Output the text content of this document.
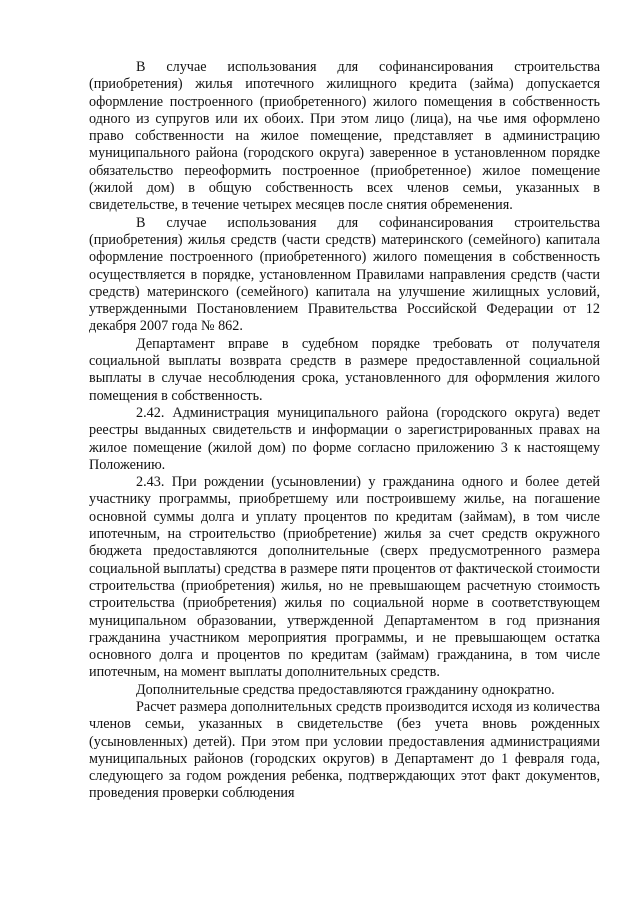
В случае использования для софинансирования строительства (приобретения) жилья ипотечного жилищного кредита (займа) допускается оформление построенного (приобретенного) жилого помещения в собственность одного из супругов или их обоих. При этом лицо (лица), на чье имя оформлено право собственности на жилое помещение, представляет в администрацию муниципального района (городского округа) заверенное в установленном порядке обязательство переоформить построенное (приобретенное) жилое помещение (жилой дом) в общую собственность всех членов семьи, указанных в свидетельстве, в течение четырех месяцев после снятия обременения.

В случае использования для софинансирования строительства (приобретения) жилья средств (части средств) материнского (семейного) капитала оформление построенного (приобретенного) жилого помещения в собственность осуществляется в порядке, установленном Правилами направления средств (части средств) материнского (семейного) капитала на улучшение жилищных условий, утвержденными Постановлением Правительства Российской Федерации от 12 декабря 2007 года № 862.

Департамент вправе в судебном порядке требовать от получателя социальной выплаты возврата средств в размере предоставленной социальной выплаты в случае несоблюдения срока, установленного для оформления жилого помещения в собственность.

2.42. Администрация муниципального района (городского округа) ведет реестры выданных свидетельств и информации о зарегистрированных правах на жилое помещение (жилой дом) по форме согласно приложению 3 к настоящему Положению.

2.43. При рождении (усыновлении) у гражданина одного и более детей участнику программы, приобретшему или построившему жилье, на погашение основной суммы долга и уплату процентов по кредитам (займам), в том числе ипотечным, на строительство (приобретение) жилья за счет средств окружного бюджета предоставляются дополнительные (сверх предусмотренного размера социальной выплаты) средства в размере пяти процентов от фактической стоимости строительства (приобретения) жилья, но не превышающем расчетную стоимость строительства (приобретения) жилья по социальной норме в соответствующем муниципальном образовании, утвержденной Департаментом в год признания гражданина участником мероприятия программы, и не превышающем остатка основного долга и процентов по кредитам (займам) гражданина, в том числе ипотечным, на момент выплаты дополнительных средств.

Дополнительные средства предоставляются гражданину однократно.

Расчет размера дополнительных средств производится исходя из количества членов семьи, указанных в свидетельстве (без учета вновь рожденных (усыновленных) детей). При этом при условии предоставления администрациями муниципальных районов (городских округов) в Департамент до 1 февраля года, следующего за годом рождения ребенка, подтверждающих этот факт документов, проведения проверки соблюдения
